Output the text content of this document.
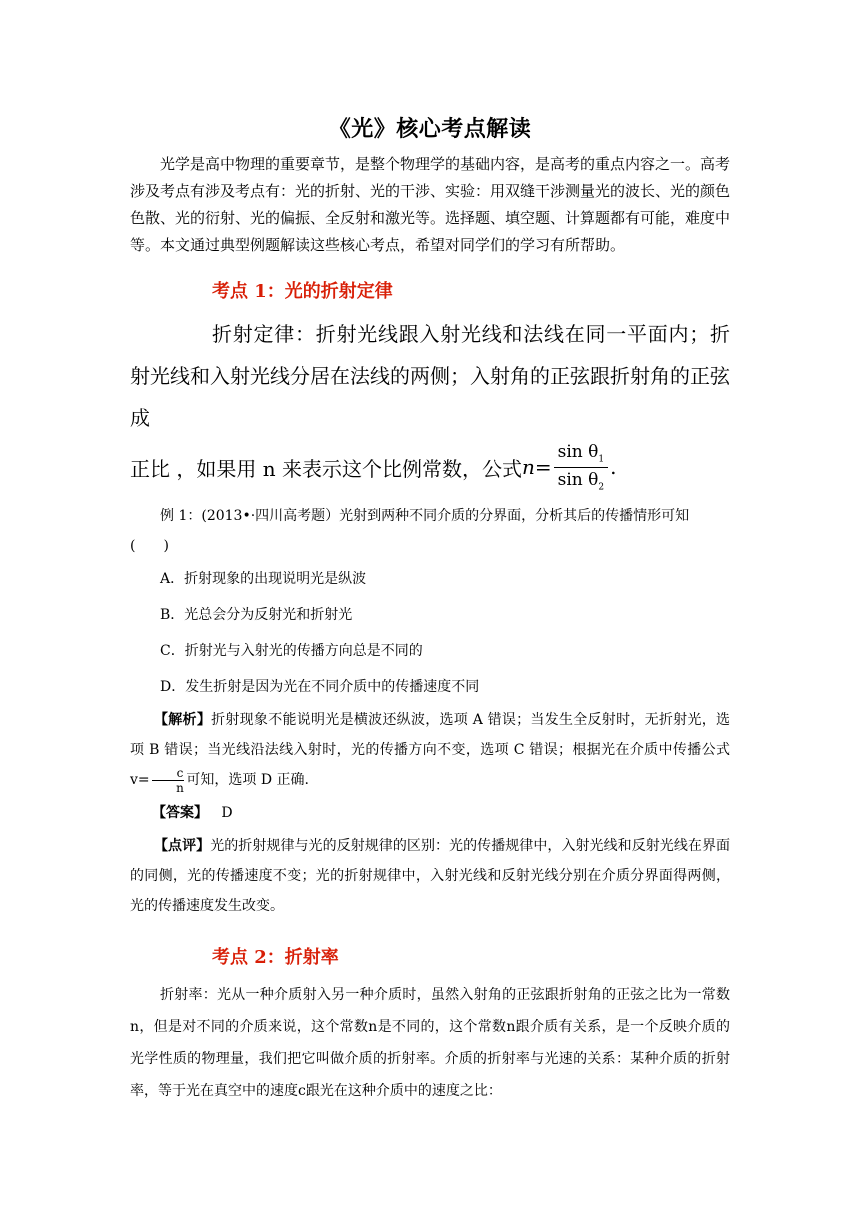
《光》核心考点解读

光学是高中物理的重要章节，是整个物理学的基础内容，是高考的重点内容之一。高考涉及考点有涉及考点有：光的折射、光的干涉、实验：用双缝干涉测量光的波长、光的颜色色散、光的衍射、光的偏振、全反射和激光等。选择题、填空题、计算题都有可能，难度中等。本文通过典型例题解读这些核心考点，希望对同学们的学习有所帮助。

考点 1：光的折射定律

折射定律：折射光线跟入射光线和法线在同一平面内；折射光线和入射光线分居在法线的两侧；入射角的正弦跟折射角的正弦成

正比 ，如果用 n 来表示这个比例常数，公式 $n = \frac{\sin \theta_1}{\sin \theta_2}$ .

例 1：(2013•·四川高考题）光射到两种不同介质的分界面，分析其后的传播情形可知

(　　)

A．折射现象的出现说明光是纵波

B．光总会分为反射光和折射光

C．折射光与入射光的传播方向总是不同的

D．发生折射是因为光在不同介质中的传播速度不同

【解析】折射现象不能说明光是横波还纵波，选项 A 错误；当发生全反射时，无折射光，选项 B 错误；当光线沿法线入射时，光的传播方向不变，选项 C 错误；根据光在介质中传播公式 $v= \frac{c}{n}$ 可知，选项 D 正确.

【答案】 D

【点评】光的折射规律与光的反射规律的区别：光的传播规律中，入射光线和反射光线在界面的同侧，光的传播速度不变；光的折射规律中，入射光线和反射光线分别在介质分界面得两侧，光的传播速度发生改变。

考点 2：折射率

折射率：光从一种介质射入另一种介质时，虽然入射角的正弦跟折射角的正弦之比为一常数n，但是对不同的介质来说，这个常数n是不同的，这个常数n跟介质有关系，是一个反映介质的光学性质的物理量，我们把它叫做介质的折射率。介质的折射率与光速的关系：某种介质的折射率，等于光在真空中的速度c跟光在这种介质中的速度之比：
